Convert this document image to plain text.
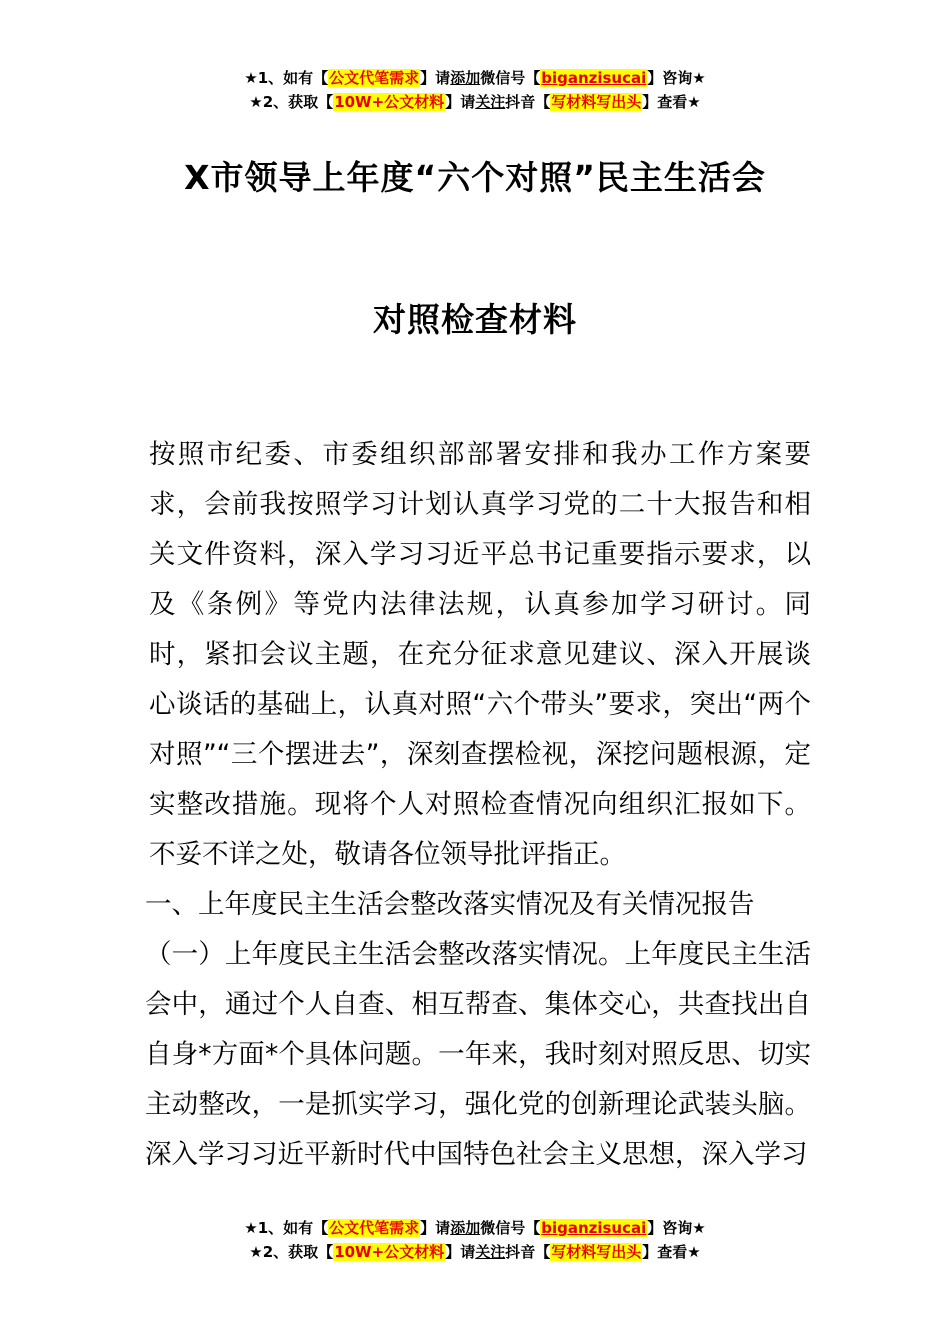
★1、如有【公文代笔需求】请添加微信号【biganzisucai】咨询★
★2、获取【10W+公文材料】请关注抖音【写材料写出头】查看★
X市领导上年度“六个对照”民主生活会
对照检查材料

按照市纪委、市委组织部部署安排和我办工作方案要求，会前我按照学习计划认真学习党的二十大报告和相关文件资料，深入学习习近平总书记重要指示要求，以及《条例》等党内法律法规，认真参加学习研讨。同时，紧扣会议主题，在充分征求意见建议、深入开展谈心谈话的基础上，认真对照“六个带头”要求，突出“两个对照”“三个摆进去”，深刻查摆检视，深挖问题根源，定实整改措施。现将个人对照检查情况向组织汇报如下。不妥不详之处，敬请各位领导批评指正。

一、上年度民主生活会整改落实情况及有关情况报告

（一）上年度民主生活会整改落实情况。上年度民主生活会中，通过个人自查、相互帮查、集体交心，共查找出自自身*方面*个具体问题。一年来，我时刻对照反思、切实主动整改，一是抓实学习，强化党的创新理论武装头脑。深入学习习近平新时代中国特色社会主义思想，深入学习

★1、如有【公文代笔需求】请添加微信号【biganzisucai】咨询★
★2、获取【10W+公文材料】请关注抖音【写材料写出头】查看★
